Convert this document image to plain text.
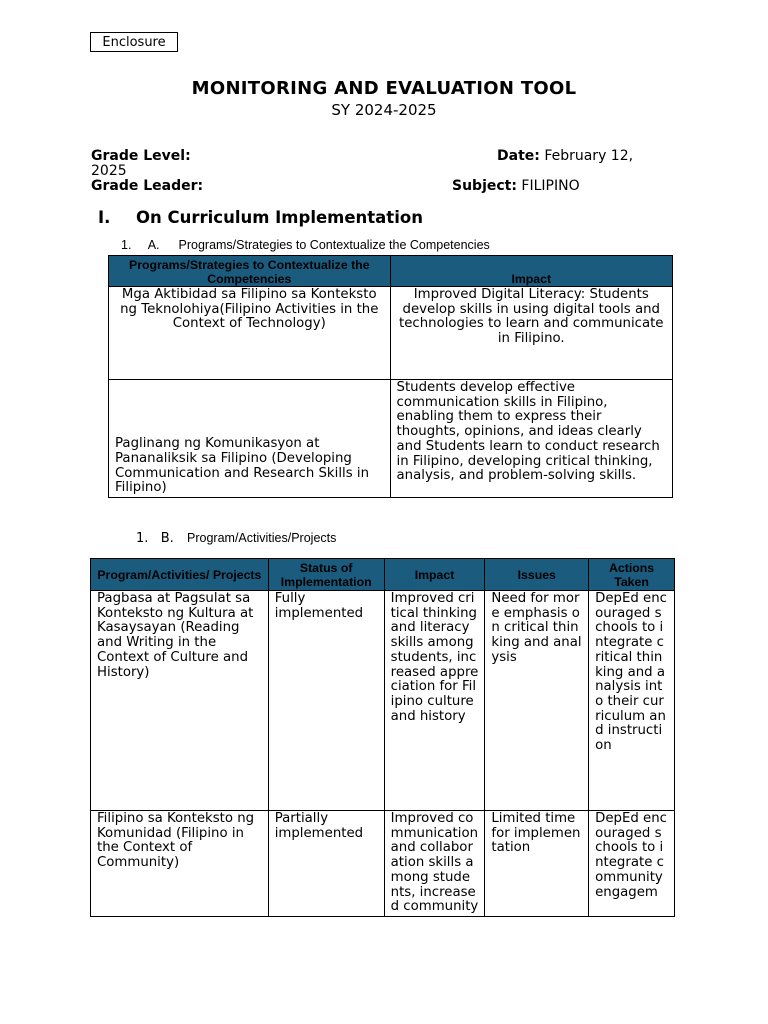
Enclosure
MONITORING AND EVALUATION TOOL
SY 2024-2025
Grade Level:	Date: February 12,
2025
Grade Leader:	Subject: FILIPINO
I. On Curriculum Implementation
1. A. Programs/Strategies to Contextualize the Competencies
Programs/Strategies to Contextualize the Competencies	Impact
Mga Aktibidad sa Filipino sa Konteksto ng Teknolohiya(Filipino Activities in the Context of Technology)	Improved Digital Literacy: Students develop skills in using digital tools and technologies to learn and communicate in Filipino.
Paglinang ng Komunikasyon at Pananaliksik sa Filipino (Developing Communication and Research Skills in Filipino)	Students develop effective communication skills in Filipino, enabling them to express their thoughts, opinions, and ideas clearly and Students learn to conduct research in Filipino, developing critical thinking, analysis, and problem-solving skills.
1. B. Program/Activities/Projects
Program/Activities/ Projects	Status of Implementation	Impact	Issues	Actions Taken
Pagbasa at Pagsulat sa Konteksto ng Kultura at Kasaysayan (Reading and Writing in the Context of Culture and History)	Fully implemented	Improved critical thinking and literacy skills among students, increased appreciation for Filipino culture and history	Need for more emphasis on critical thinking and analysis	DepEd encouraged schools to integrate critical thinking and analysis into their curriculum and instruction
Filipino sa Konteksto ng Komunidad (Filipino in the Context of Community)	Partially implemented	Improved communication and collaboration skills among students, increased community	Limited time for implementation	DepEd encouraged schools to integrate community engagem
